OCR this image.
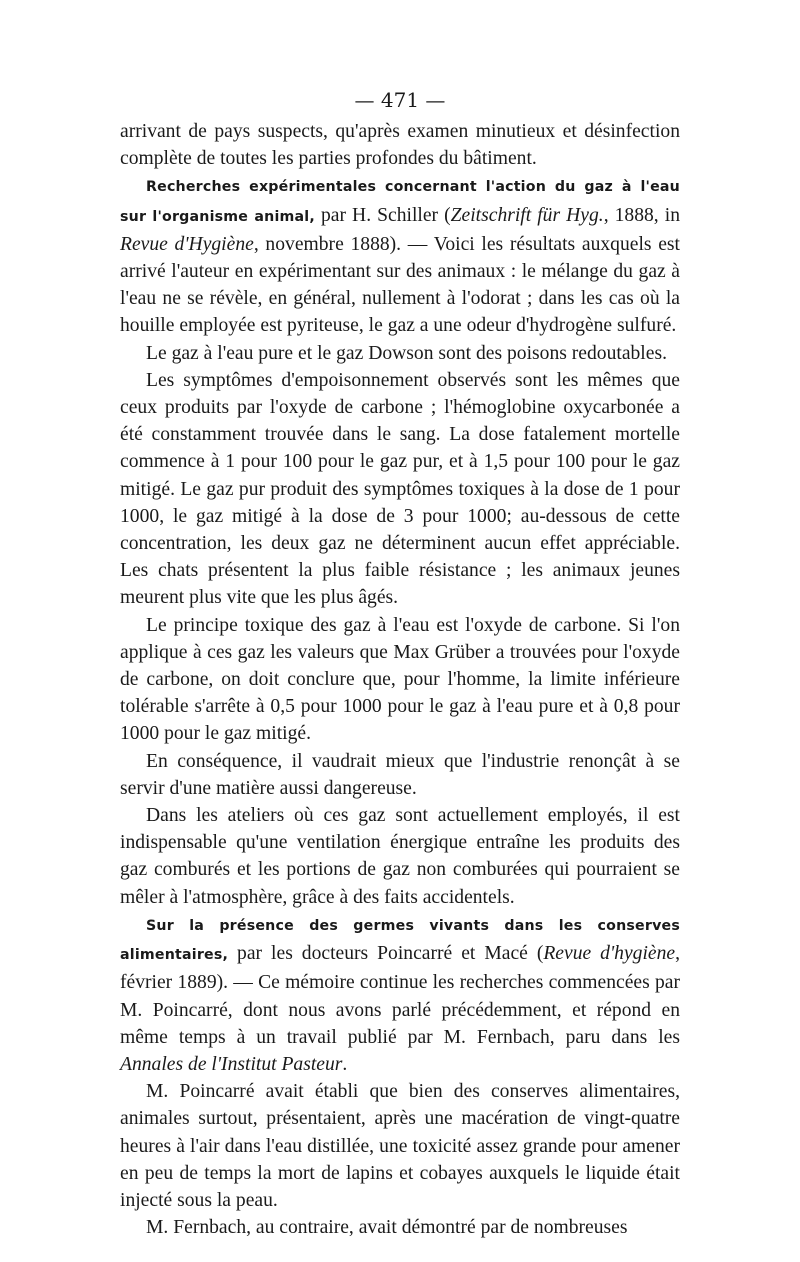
— 471 —

arrivant de pays suspects, qu'après examen minutieux et désinfection complète de toutes les parties profondes du bâtiment.

Recherches expérimentales concernant l'action du gaz à l'eau sur l'organisme animal, par H. Schiller (Zeitschrift für Hyg., 1888, in Revue d'Hygiène, novembre 1888). — Voici les résultats auxquels est arrivé l'auteur en expérimentant sur des animaux : le mélange du gaz à l'eau ne se révèle, en général, nullement à l'odorat ; dans les cas où la houille employée est pyriteuse, le gaz a une odeur d'hydrogène sulfuré.

Le gaz à l'eau pure et le gaz Dowson sont des poisons redoutables.

Les symptômes d'empoisonnement observés sont les mêmes que ceux produits par l'oxyde de carbone ; l'hémoglobine oxycarbonée a été constamment trouvée dans le sang. La dose fatalement mortelle commence à 1 pour 100 pour le gaz pur, et à 1,5 pour 100 pour le gaz mitigé. Le gaz pur produit des symptômes toxiques à la dose de 1 pour 1000, le gaz mitigé à la dose de 3 pour 1000; au-dessous de cette concentration, les deux gaz ne déterminent aucun effet appréciable. Les chats présentent la plus faible résistance ; les animaux jeunes meurent plus vite que les plus âgés.

Le principe toxique des gaz à l'eau est l'oxyde de carbone. Si l'on applique à ces gaz les valeurs que Max Grüber a trouvées pour l'oxyde de carbone, on doit conclure que, pour l'homme, la limite inférieure tolérable s'arrête à 0,5 pour 1000 pour le gaz à l'eau pure et à 0,8 pour 1000 pour le gaz mitigé.

En conséquence, il vaudrait mieux que l'industrie renonçât à se servir d'une matière aussi dangereuse.

Dans les ateliers où ces gaz sont actuellement employés, il est indispensable qu'une ventilation énergique entraîne les produits des gaz comburés et les portions de gaz non comburées qui pourraient se mêler à l'atmosphère, grâce à des faits accidentels.

Sur la présence des germes vivants dans les conserves alimentaires, par les docteurs Poincarré et Macé (Revue d'hygiène, février 1889). — Ce mémoire continue les recherches commencées par M. Poincarré, dont nous avons parlé précédemment, et répond en même temps à un travail publié par M. Fernbach, paru dans les Annales de l'Institut Pasteur.

M. Poincarré avait établi que bien des conserves alimentaires, animales surtout, présentaient, après une macération de vingt-quatre heures à l'air dans l'eau distillée, une toxicité assez grande pour amener en peu de temps la mort de lapins et cobayes auxquels le liquide était injecté sous la peau.

M. Fernbach, au contraire, avait démontré par de nombreuses
